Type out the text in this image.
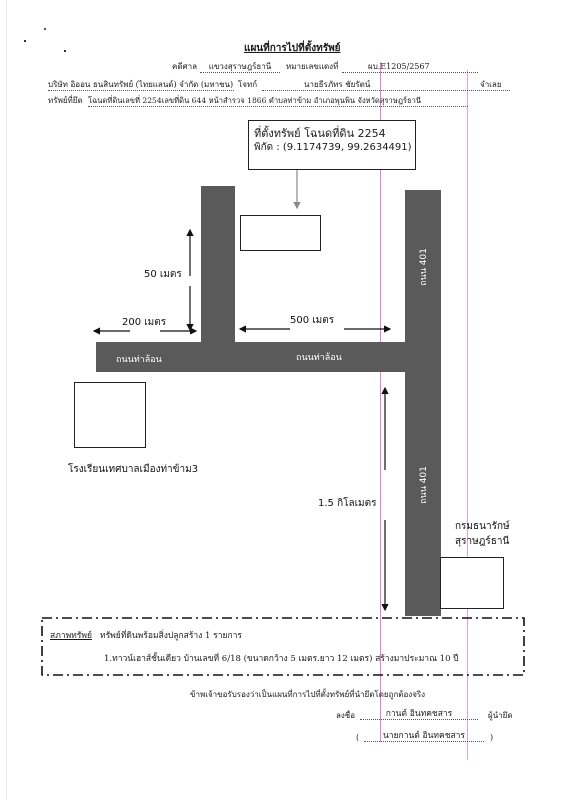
แผนที่การไปที่ตั้งทรัพย์
คดีศาล	แขวงสุราษฎร์ธานี	หมายเลขแดงที่	ผบ.E1205/2567
บริษัท อิออน ธนสินทรัพย์ (ไทยแลนด์) จำกัด (มหาชน) โจทก์	นายธีรภัทร ชัยรัตน์	จำเลย
ทรัพย์ที่ยึด โฉนดที่ดินเลขที่ 2254เลขที่ดิน 644 หน้าสำรวจ 1866 ตำบลท่าข้าม อำเภอพุนพิน จังหวัดสุราษฎร์ธานี
ถนนท่าล้อน	ถนนท่าล้อน
ถนน 401
ถนน 401
ที่ตั้งทรัพย์ โฉนดที่ดิน 2254
พิกัด : (9.1174739, 99.2634491)
โรงเรียนเทศบาลเมืองท่าข้าม3
กรมธนารักษ์
สุราษฎร์ธานี
50 เมตร
200 เมตร	500 เมตร
1.5 กิโลเมตร
สภาพทรัพย์ ทรัพย์ที่ดินพร้อมสิ่งปลูกสร้าง 1 รายการ
1.ทาวน์เฮาส์ชั้นเดียว บ้านเลขที่ 6/18 (ขนาดกว้าง 5 เมตร.ยาว 12 เมตร) สร้างมาประมาณ 10 ปี
ข้าพเจ้าขอรับรองว่าเป็นแผนที่การไปที่ตั้งทรัพย์ที่นำยึดโดยถูกต้องจริง
ลงชื่อ	กานต์ อินทคชสาร	ผู้นำยึด
(	นายกานต์ อินทคชสาร	)
